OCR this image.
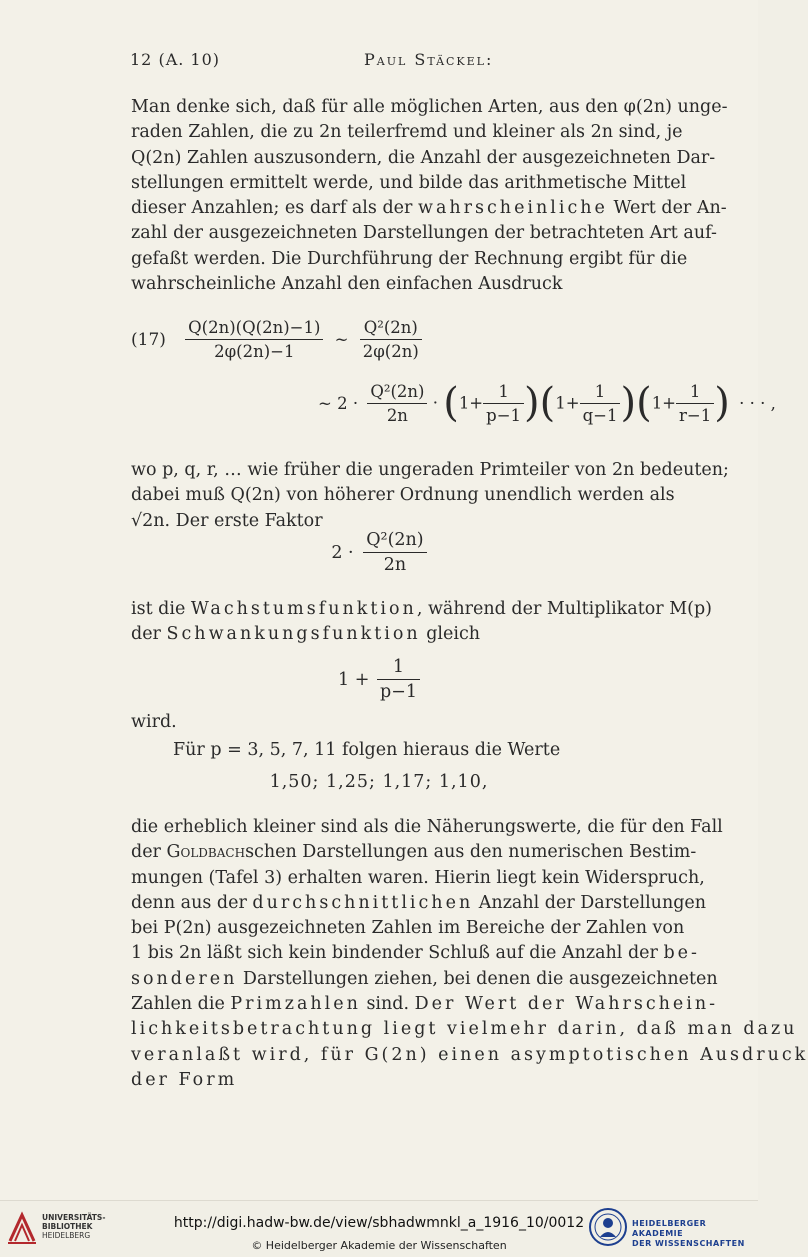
12 (A. 10)	Paul Stäckel:
Man denke sich, daß für alle möglichen Arten, aus den φ(2n) unge-
raden Zahlen, die zu 2n teilerfremd und kleiner als 2n sind, je
Q(2n) Zahlen auszusondern, die Anzahl der ausgezeichneten Dar-
stellungen ermittelt werde, und bilde das arithmetische Mittel
dieser Anzahlen; es darf als der wahrscheinliche Wert der An-
zahl der ausgezeichneten Darstellungen der betrachteten Art auf-
gefaßt werden. Die Durchführung der Rechnung ergibt für die
wahrscheinliche Anzahl den einfachen Ausdruck
$(17) \frac{Q(2n)(Q(2n)-1)}{2\varphi(2n)-1}$ ~ $\frac{\text{Q²(2n)}}{2\varphi(2n)}$
~ $2 \cdot \frac{\text{Q²(2n)}}{2n} \cdot (1+ \frac{1}{p-1} )(1+ \frac{1}{q-1} )(1+ \frac{1}{r-1}$ ) · · · ,
wo p, q, r, … wie früher die ungeraden Primteiler von 2n bedeuten;
dabei muß Q(2n) von höherer Ordnung unendlich werden als
√2n. Der erste Faktor
$2 \cdot \frac{\text{Q²(2n)}}{2n}$
ist die Wachstumsfunktion, während der Multiplikator M(p)
der Schwankungsfunktion gleich
$1 + \frac{1}{p-1}$
wird.
Für p = 3, 5, 7, 11 folgen hieraus die Werte
1,50; 1,25; 1,17; 1,10,
die erheblich kleiner sind als die Näherungswerte, die für den Fall
der Goldbachschen Darstellungen aus den numerischen Bestim-
mungen (Tafel 3) erhalten waren. Hierin liegt kein Widerspruch,
denn aus der durchschnittlichen Anzahl der Darstellungen
bei P(2n) ausgezeichneten Zahlen im Bereiche der Zahlen von
1 bis 2n läßt sich kein bindender Schluß auf die Anzahl der be-
sonderen Darstellungen ziehen, bei denen die ausgezeichneten
Zahlen die Primzahlen sind. Der Wert der Wahrschein-
lichkeitsbetrachtung liegt vielmehr darin, daß man dazu
veranlaßt wird, für G(2n) einen asymptotischen Ausdruck
der Form
UNIVERSITÄTS-
BIBLIOTHEK
HEIDELBERG
http://digi.hadw-bw.de/view/sbhadwmnkl_a_1916_10/0012
© Heidelberger Akademie der Wissenschaften
HEIDELBERGER AKADEMIE
DER WISSENSCHAFTEN
